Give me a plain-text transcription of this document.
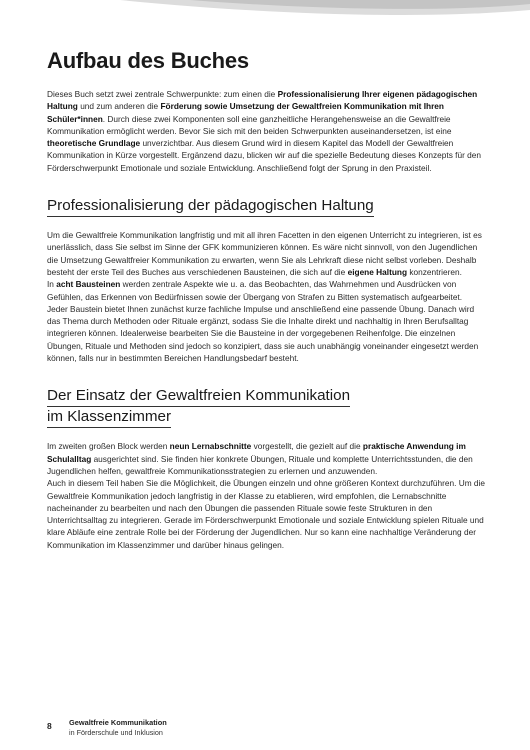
Aufbau des Buches

Dieses Buch setzt zwei zentrale Schwerpunkte: zum einen die Professionalisierung Ihrer eigenen pädagogischen Haltung und zum anderen die Förderung sowie Umsetzung der Gewaltfreien Kommunikation mit Ihren Schüler*innen. Durch diese zwei Komponenten soll eine ganzheitliche Herangehensweise an die Gewaltfreie Kommunikation ermöglicht werden. Bevor Sie sich mit den beiden Schwerpunkten auseinandersetzen, ist eine theoretische Grundlage unverzichtbar. Aus diesem Grund wird in diesem Kapitel das Modell der Gewaltfreien Kommunikation in Kürze vorgestellt. Ergänzend dazu, blicken wir auf die spezielle Bedeutung dieses Konzepts für den Förderschwerpunkt Emotionale und soziale Entwicklung. Anschließend folgt der Sprung in den Praxisteil.

Professionalisierung der pädagogischen Haltung

Um die Gewaltfreie Kommunikation langfristig und mit all ihren Facetten in den eigenen Unterricht zu integrieren, ist es unerlässlich, dass Sie selbst im Sinne der GFK kommunizieren können. Es wäre nicht sinnvoll, von den Jugendlichen die Umsetzung Gewaltfreier Kommunikation zu erwarten, wenn Sie als Lehrkraft diese nicht selbst vorleben. Deshalb besteht der erste Teil des Buches aus verschiedenen Bausteinen, die sich auf die eigene Haltung konzentrieren.

In acht Bausteinen werden zentrale Aspekte wie u. a. das Beobachten, das Wahrnehmen und Ausdrücken von Gefühlen, das Erkennen von Bedürfnissen sowie der Übergang von Strafen zu Bitten systematisch aufgearbeitet.

Jeder Baustein bietet Ihnen zunächst kurze fachliche Impulse und anschließend eine passende Übung. Danach wird das Thema durch Methoden oder Rituale ergänzt, sodass Sie die Inhalte direkt und nachhaltig in Ihren Berufsalltag integrieren können. Idealerweise bearbeiten Sie die Bausteine in der vorgegebenen Reihenfolge. Die einzelnen Übungen, Rituale und Methoden sind jedoch so konzipiert, dass sie auch unabhängig voneinander eingesetzt werden können, falls nur in bestimmten Bereichen Handlungsbedarf besteht.

Der Einsatz der Gewaltfreien Kommunikation

im Klassenzimmer

Im zweiten großen Block werden neun Lernabschnitte vorgestellt, die gezielt auf die praktische Anwendung im Schulalltag ausgerichtet sind. Sie finden hier konkrete Übungen, Rituale und komplette Unterrichtsstunden, die den Jugendlichen helfen, gewaltfreie Kommunikationsstrategien zu erlernen und anzuwenden.

Auch in diesem Teil haben Sie die Möglichkeit, die Übungen einzeln und ohne größeren Kontext durchzuführen. Um die Gewaltfreie Kommunikation jedoch langfristig in der Klasse zu etablieren, wird empfohlen, die Lernabschnitte nacheinander zu bearbeiten und nach den Übungen die passenden Rituale sowie feste Strukturen in den Unterrichtsalltag zu integrieren. Gerade im Förderschwerpunkt Emotionale und soziale Entwicklung spielen Rituale und klare Abläufe eine zentrale Rolle bei der Förderung der Jugendlichen. Nur so kann eine nachhaltige Veränderung der Kommunikation im Klassenzimmer und darüber hinaus gelingen.

8 Gewaltfreie Kommunikation
in Förderschule und Inklusion
